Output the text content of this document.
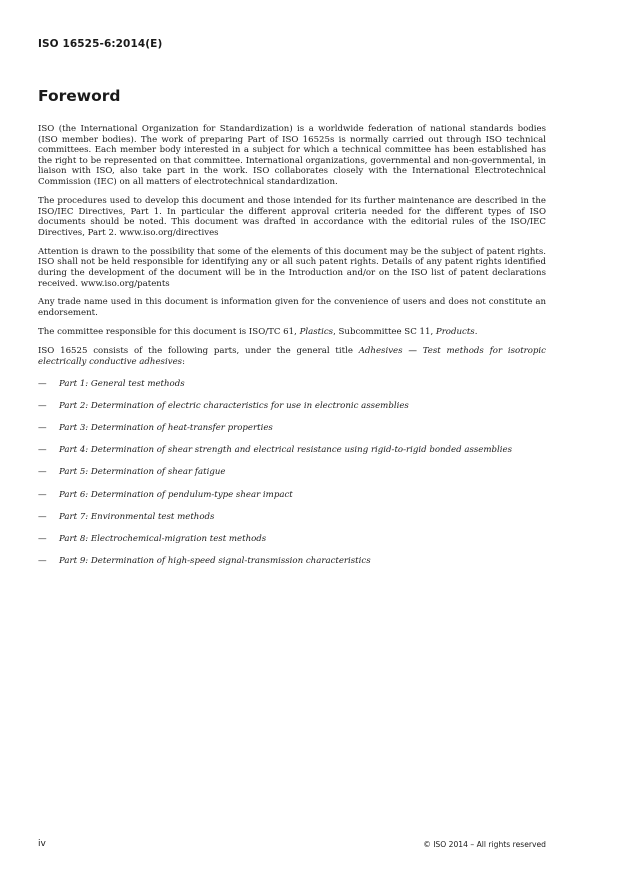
ISO 16525-6:2014(E)
Foreword

ISO (the International Organization for Standardization) is a worldwide federation of national standards bodies (ISO member bodies). The work of preparing Part of ISO 16525s is normally carried out through ISO technical committees. Each member body interested in a subject for which a technical committee has been established has the right to be represented on that committee. International organizations, governmental and non-governmental, in liaison with ISO, also take part in the work. ISO collaborates closely with the International Electrotechnical Commission (IEC) on all matters of electrotechnical standardization.

The procedures used to develop this document and those intended for its further maintenance are described in the ISO/IEC Directives, Part 1. In particular the different approval criteria needed for the different types of ISO documents should be noted. This document was drafted in accordance with the editorial rules of the ISO/IEC Directives, Part 2. www.iso.org/directives

Attention is drawn to the possibility that some of the elements of this document may be the subject of patent rights. ISO shall not be held responsible for identifying any or all such patent rights. Details of any patent rights identified during the development of the document will be in the Introduction and/or on the ISO list of patent declarations received. www.iso.org/patents

Any trade name used in this document is information given for the convenience of users and does not constitute an endorsement.

The committee responsible for this document is ISO/TC 61, Plastics, Subcommittee SC 11, Products.

ISO 16525 consists of the following parts, under the general title Adhesives — Test methods for isotropic electrically conductive adhesives:

—	Part 1: General test methods
—	Part 2: Determination of electric characteristics for use in electronic assemblies
—	Part 3: Determination of heat-transfer properties
—	Part 4: Determination of shear strength and electrical resistance using rigid-to-rigid bonded assemblies
—	Part 5: Determination of shear fatigue
—	Part 6: Determination of pendulum-type shear impact
—	Part 7: Environmental test methods
—	Part 8: Electrochemical-migration test methods
—	Part 9: Determination of high-speed signal-transmission characteristics
iv	© ISO 2014 – All rights reserved
